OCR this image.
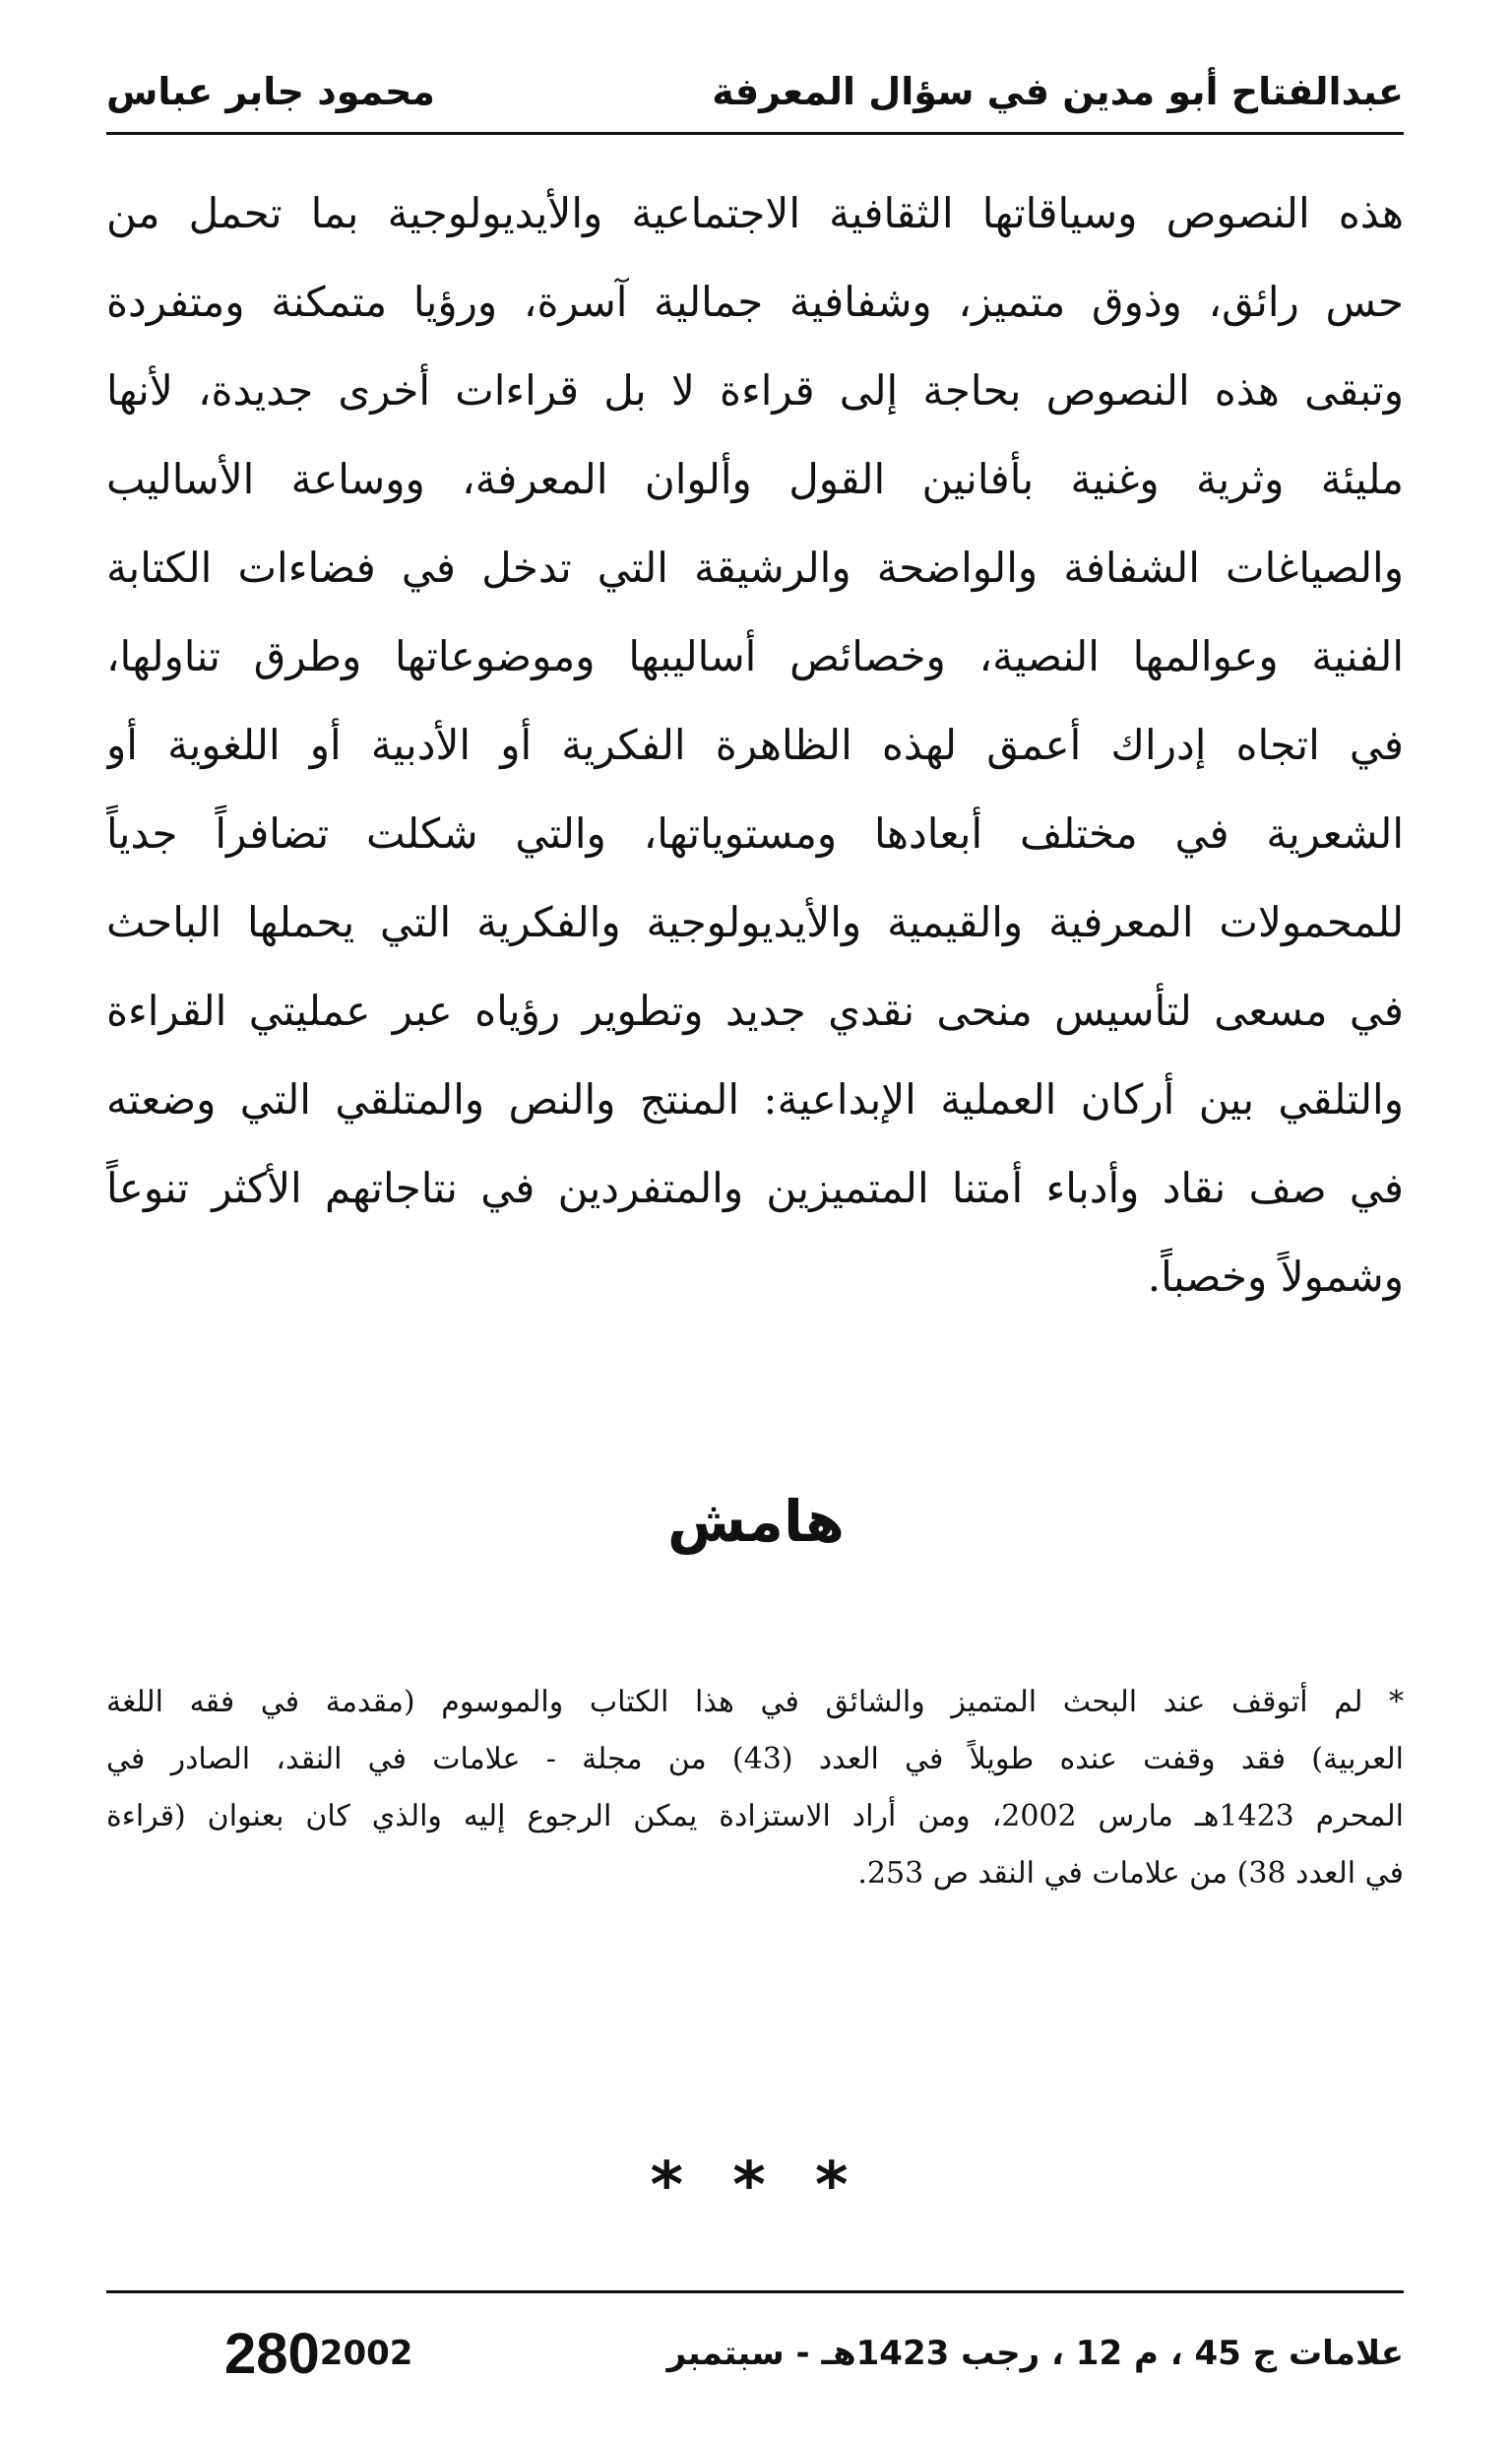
عبدالفتاح أبو مدين في سؤال المعرفة
محمود جابر عباس
هذه النصوص وسياقاتها الثقافية الاجتماعية والأيديولوجية بما تحمل من
حس رائق، وذوق متميز، وشفافية جمالية آسرة، ورؤيا متمكنة ومتفردة
وتبقى هذه النصوص بحاجة إلى قراءة لا بل قراءات أخرى جديدة، لأنها
مليئة وثرية وغنية بأفانين القول وألوان المعرفة، ووساعة الأساليب
والصياغات الشفافة والواضحة والرشيقة التي تدخل في فضاءات الكتابة
الفنية وعوالمها النصية، وخصائص أساليبها وموضوعاتها وطرق تناولها،
في اتجاه إدراك أعمق لهذه الظاهرة الفكرية أو الأدبية أو اللغوية أو
الشعرية في مختلف أبعادها ومستوياتها، والتي شكلت تضافراً جدياً
للمحمولات المعرفية والقيمية والأيديولوجية والفكرية التي يحملها الباحث
في مسعى لتأسيس منحى نقدي جديد وتطوير رؤياه عبر عمليتي القراءة
والتلقي بين أركان العملية الإبداعية: المنتج والنص والمتلقي التي وضعته
في صف نقاد وأدباء أمتنا المتميزين والمتفردين في نتاجاتهم الأكثر تنوعاً
وشمولاً وخصباً.
هامش
* لم أتوقف عند البحث المتميز والشائق في هذا الكتاب والموسوم (مقدمة في فقه اللغة
العربية) فقد وقفت عنده طويلاً في العدد (43) من مجلة - علامات في النقد، الصادر في
المحرم 1423هـ مارس 2002، ومن أراد الاستزادة يمكن الرجوع إليه والذي كان بعنوان (قراءة
في العدد 38) من علامات في النقد ص 253.
* * *
علامات ج 45 ، م 12 ، رجب 1423هـ - سبتمبر
2002
280
